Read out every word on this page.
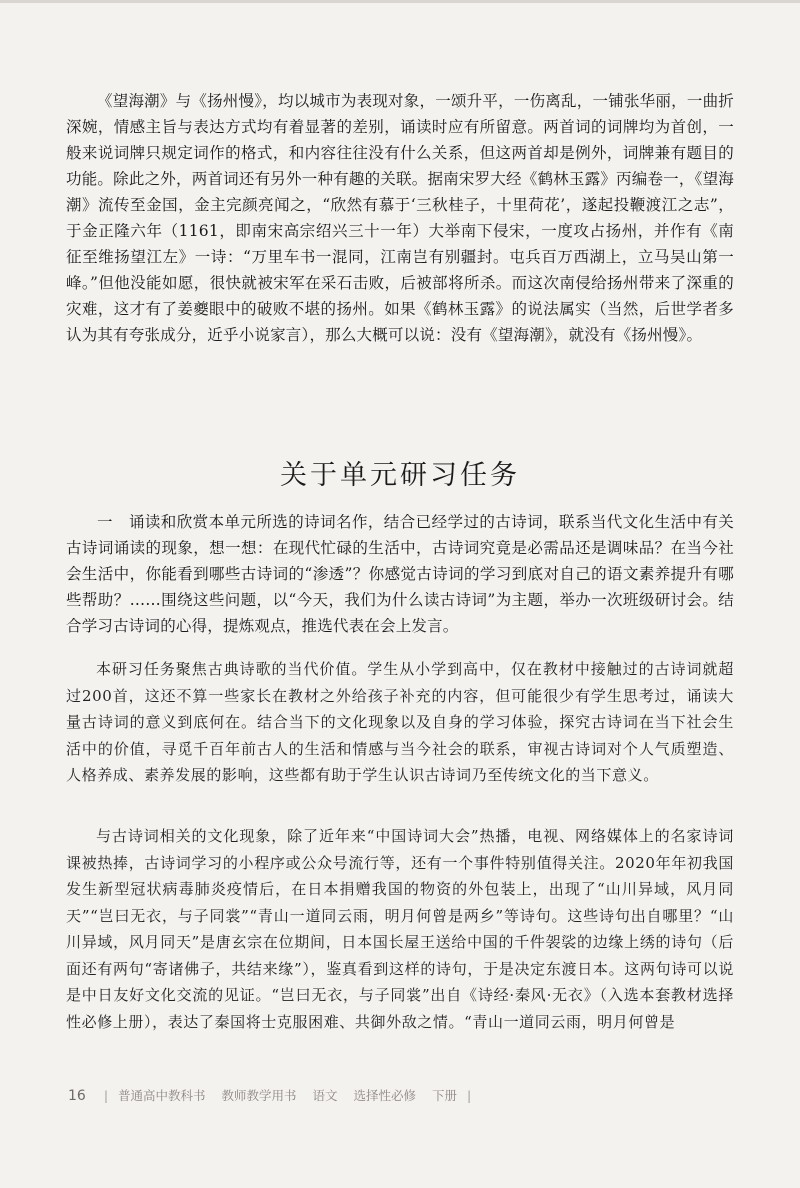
《望海潮》与《扬州慢》，均以城市为表现对象，一颂升平，一伤离乱，一铺张华丽，一曲折深婉，情感主旨与表达方式均有着显著的差别，诵读时应有所留意。两首词的词牌均为首创，一般来说词牌只规定词作的格式，和内容往往没有什么关系，但这两首却是例外，词牌兼有题目的功能。除此之外，两首词还有另外一种有趣的关联。据南宋罗大经《鹤林玉露》丙编卷一，《望海潮》流传至金国，金主完颜亮闻之，“欣然有慕于‘三秋桂子，十里荷花’，遂起投鞭渡江之志”，于金正隆六年（1161，即南宋高宗绍兴三十一年）大举南下侵宋，一度攻占扬州，并作有《南征至维扬望江左》一诗：“万里车书一混同，江南岂有别疆封。屯兵百万西湖上，立马吴山第一峰。”但他没能如愿，很快就被宋军在采石击败，后被部将所杀。而这次南侵给扬州带来了深重的灾难，这才有了姜夔眼中的破败不堪的扬州。如果《鹤林玉露》的说法属实（当然，后世学者多认为其有夸张成分，近乎小说家言），那么大概可以说：没有《望海潮》，就没有《扬州慢》。

关于单元研习任务

一 诵读和欣赏本单元所选的诗词名作，结合已经学过的古诗词，联系当代文化生活中有关古诗词诵读的现象，想一想：在现代忙碌的生活中，古诗词究竟是必需品还是调味品？在当今社会生活中，你能看到哪些古诗词的“渗透”？你感觉古诗词的学习到底对自己的语文素养提升有哪些帮助？……围绕这些问题，以“今天，我们为什么读古诗词”为主题，举办一次班级研讨会。结合学习古诗词的心得，提炼观点，推选代表在会上发言。

本研习任务聚焦古典诗歌的当代价值。学生从小学到高中，仅在教材中接触过的古诗词就超过200首，这还不算一些家长在教材之外给孩子补充的内容，但可能很少有学生思考过，诵读大量古诗词的意义到底何在。结合当下的文化现象以及自身的学习体验，探究古诗词在当下社会生活中的价值，寻觅千百年前古人的生活和情感与当今社会的联系，审视古诗词对个人气质塑造、人格养成、素养发展的影响，这些都有助于学生认识古诗词乃至传统文化的当下意义。

与古诗词相关的文化现象，除了近年来“中国诗词大会”热播，电视、网络媒体上的名家诗词课被热捧，古诗词学习的小程序或公众号流行等，还有一个事件特别值得关注。2020年年初我国发生新型冠状病毒肺炎疫情后，在日本捐赠我国的物资的外包装上，出现了“山川异域，风月同天”“岂曰无衣，与子同裳”“青山一道同云雨，明月何曾是两乡”等诗句。这些诗句出自哪里？“山川异域，风月同天”是唐玄宗在位期间，日本国长屋王送给中国的千件袈裟的边缘上绣的诗句（后面还有两句“寄诸佛子，共结来缘”），鉴真看到这样的诗句，于是决定东渡日本。这两句诗可以说是中日友好文化交流的见证。“岂曰无衣，与子同裳”出自《诗经·秦风·无衣》（入选本套教材选择性必修上册），表达了秦国将士克服困难、共御外敌之情。“青山一道同云雨，明月何曾是

16 | 普通高中教科书 教师教学用书 语文 选择性必修 下册 |
